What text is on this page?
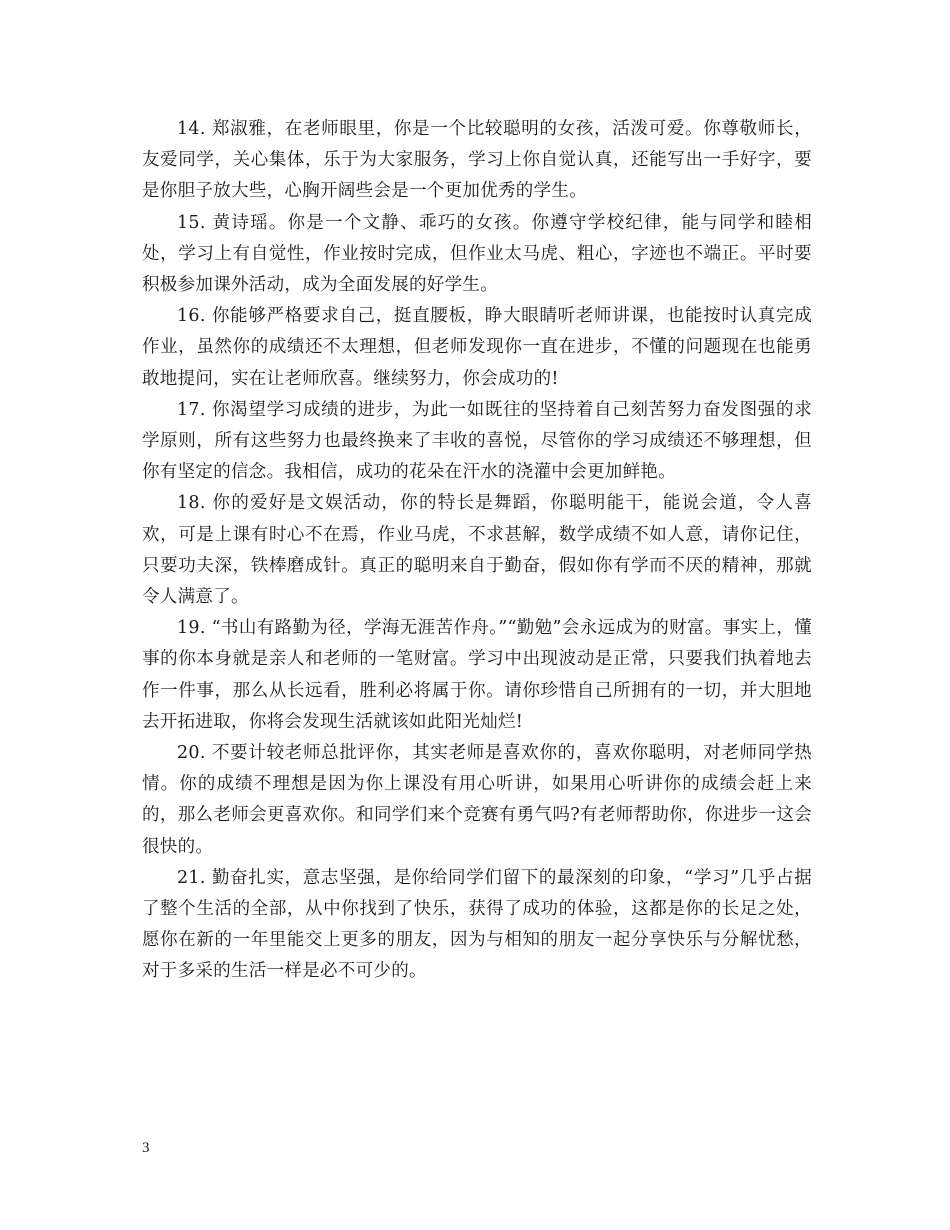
14. 郑淑雅，在老师眼里，你是一个比较聪明的女孩，活泼可爱。你尊敬师长，友爱同学，关心集体，乐于为大家服务，学习上你自觉认真，还能写出一手好字，要是你胆子放大些，心胸开阔些会是一个更加优秀的学生。

15. 黄诗瑶。你是一个文静、乖巧的女孩。你遵守学校纪律，能与同学和睦相处，学习上有自觉性，作业按时完成，但作业太马虎、粗心，字迹也不端正。平时要积极参加课外活动，成为全面发展的好学生。

16. 你能够严格要求自己，挺直腰板，睁大眼睛听老师讲课，也能按时认真完成作业，虽然你的成绩还不太理想，但老师发现你一直在进步，不懂的问题现在也能勇敢地提问，实在让老师欣喜。继续努力，你会成功的!

17. 你渴望学习成绩的进步，为此一如既往的坚持着自己刻苦努力奋发图强的求学原则，所有这些努力也最终换来了丰收的喜悦，尽管你的学习成绩还不够理想，但你有坚定的信念。我相信，成功的花朵在汗水的浇灌中会更加鲜艳。

18. 你的爱好是文娱活动，你的特长是舞蹈，你聪明能干，能说会道，令人喜欢，可是上课有时心不在焉，作业马虎，不求甚解，数学成绩不如人意，请你记住，只要功夫深，铁棒磨成针。真正的聪明来自于勤奋，假如你有学而不厌的精神，那就令人满意了。

19. “书山有路勤为径，学海无涯苦作舟。”“勤勉”会永远成为的财富。事实上，懂事的你本身就是亲人和老师的一笔财富。学习中出现波动是正常，只要我们执着地去作一件事，那么从长远看，胜利必将属于你。请你珍惜自己所拥有的一切，并大胆地去开拓进取，你将会发现生活就该如此阳光灿烂!

20. 不要计较老师总批评你，其实老师是喜欢你的，喜欢你聪明，对老师同学热情。你的成绩不理想是因为你上课没有用心听讲，如果用心听讲你的成绩会赶上来的，那么老师会更喜欢你。和同学们来个竞赛有勇气吗?有老师帮助你，你进步一这会很快的。

21. 勤奋扎实，意志坚强，是你给同学们留下的最深刻的印象，“学习”几乎占据了整个生活的全部，从中你找到了快乐，获得了成功的体验，这都是你的长足之处，愿你在新的一年里能交上更多的朋友，因为与相知的朋友一起分享快乐与分解忧愁，对于多采的生活一样是必不可少的。

3
